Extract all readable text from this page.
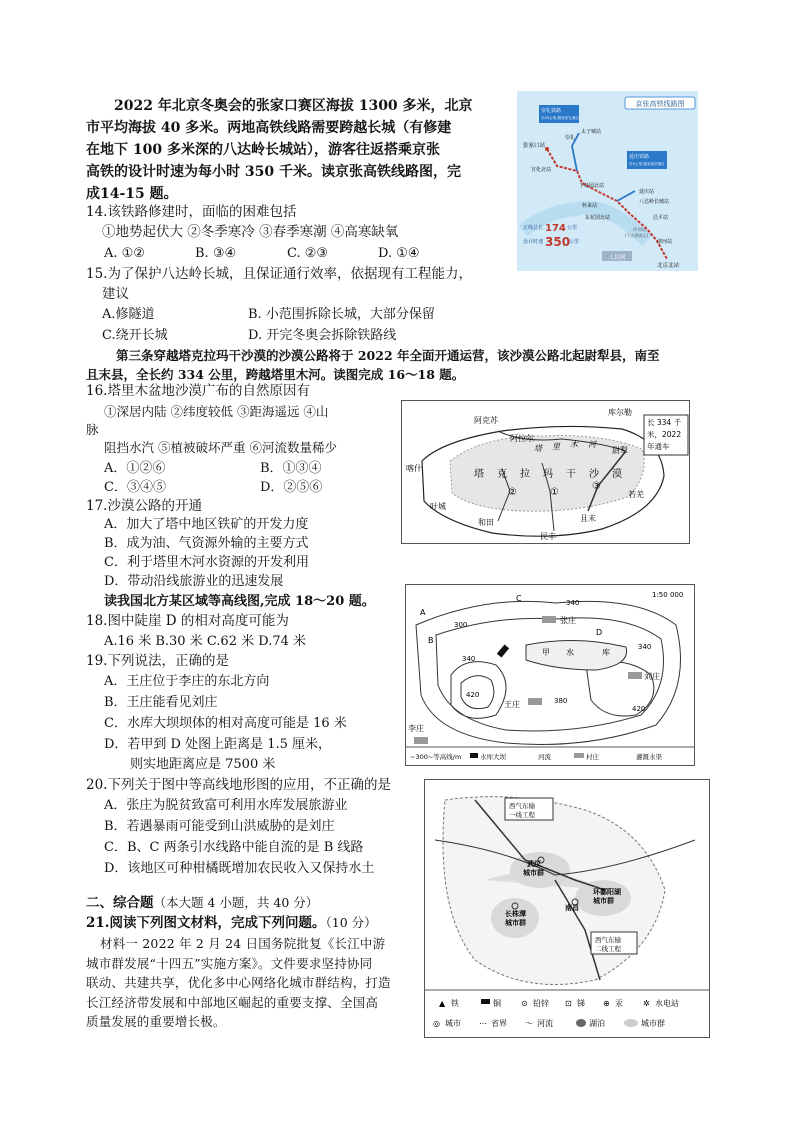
2022 年北京冬奥会的张家口赛区海拔 1300 多米，北京
市平均海拔 40 多米。两地高铁线路需要跨越长城（有修建
在地下 100 多米深的八达岭长城站），游客往返搭乘京张
高铁的设计时速为每小时 350 千米。读京张高铁线路图，完
成14-15 题。
14.该铁路修建时，面临的困难包括
①地势起伏大 ②冬季寒冷 ③春季寒潮 ④高寒缺氧
A. ①②	B. ③④	C. ②③	D. ①④
15.为了保护八达岭长城，且保证通行效率，依据现有工程能力，
建议
A.修隧道	B. 小范围拆除长城，大部分保留
C.绕开长城	D. 开完冬奥会拆除铁路线
第三条穿越塔克拉玛干沙漠的沙漠公路将于 2022 年全面开通运营，该沙漠公路北起尉犁县，南至
且末县，全长约 334 公里，跨越塔里木河。读图完成 16～18 题。
16.塔里木盆地沙漠广布的自然原因有
①深居内陆 ②纬度较低 ③距海遥远 ④山
脉
阻挡水汽 ⑤植被破坏严重 ⑥河流数量稀少
A．①②⑥	B．①③④
C．③④⑤	D．②⑤⑥
17.沙漠公路的开通
A．加大了塔中地区铁矿的开发力度
B．成为油、气资源外输的主要方式
C．利于塔里木河水资源的开发利用
D．带动沿线旅游业的迅速发展
读我国北方某区域等高线图,完成 18～20 题。
18.图中陡崖 D 的相对高度可能为
A.16 米 B.30 米 C.62 米 D.74 米
19.下列说法，正确的是
A．王庄位于李庄的东北方向
B．王庄能看见刘庄
C．水库大坝坝体的相对高度可能是 16 米
D．若甲到 D 处图上距离是 1.5 厘米，
则实地距离应是 7500 米
20.下列关于图中等高线地形图的应用，不正确的是
A．张庄为脱贫致富可利用水库发展旅游业
B．若遇暴雨可能受到山洪威胁的是刘庄
C．B、C 两条引水线路中能自流的是 B 线路
D．该地区可种柑橘既增加农民收入又保持水土
二、综合题（本大题 4 小题，共 40 分）
21.阅读下列图文材料，完成下列问题。（10 分）
材料一 2022 年 2 月 24 日国务院批复《长江中游
城市群发展“十四五”实施方案》。文件要求坚持协同
联动、共建共享，优化多中心网络化城市群结构，打造
长江经济带发展和中部地区崛起的重要支撑、全国高
质量发展的重要增长极。
京张高铁线路图
崇礼铁路
长53公里,服务崇礼赛区
延庆铁路
长9公里,服务延庆赛区
张家口站
宣化北站
下花园北站
怀来站
东花园北站
八达岭长城站
延庆站
昌平站
清河站
北京北站
崇礼
太子城站
沙河站
(不办理客运)
正线总长 174 公里
设计时速 350
公里
人民网
阿克苏
库尔勒
阿拉尔
尉犁
塔 克 拉 玛 干 沙 漠
喀什
叶城
和田
民丰
且末
若羌
塔 里 木 河
长 334 千
米，2022
年通车
①
②
③
1:50 000
340
300
340
380
420
420
340
张庄
甲 水	库
刘庄
王庄
李庄
A
B
C
D
~300~等高线/m	水库大坝	河流	村庄	灌溉水渠
西气东输
一线工程
武汉
城市群
环鄱阳湖
城市群
长株潭
城市群
南昌
西气东输
二线工程
▲ 铁	铜	⊙ 铅锌 ⊡ 锑 ⊕ 汞	✲ 水电站
◎ 城市 ⋯ 省界 〜 河流	湖泊	城市群
